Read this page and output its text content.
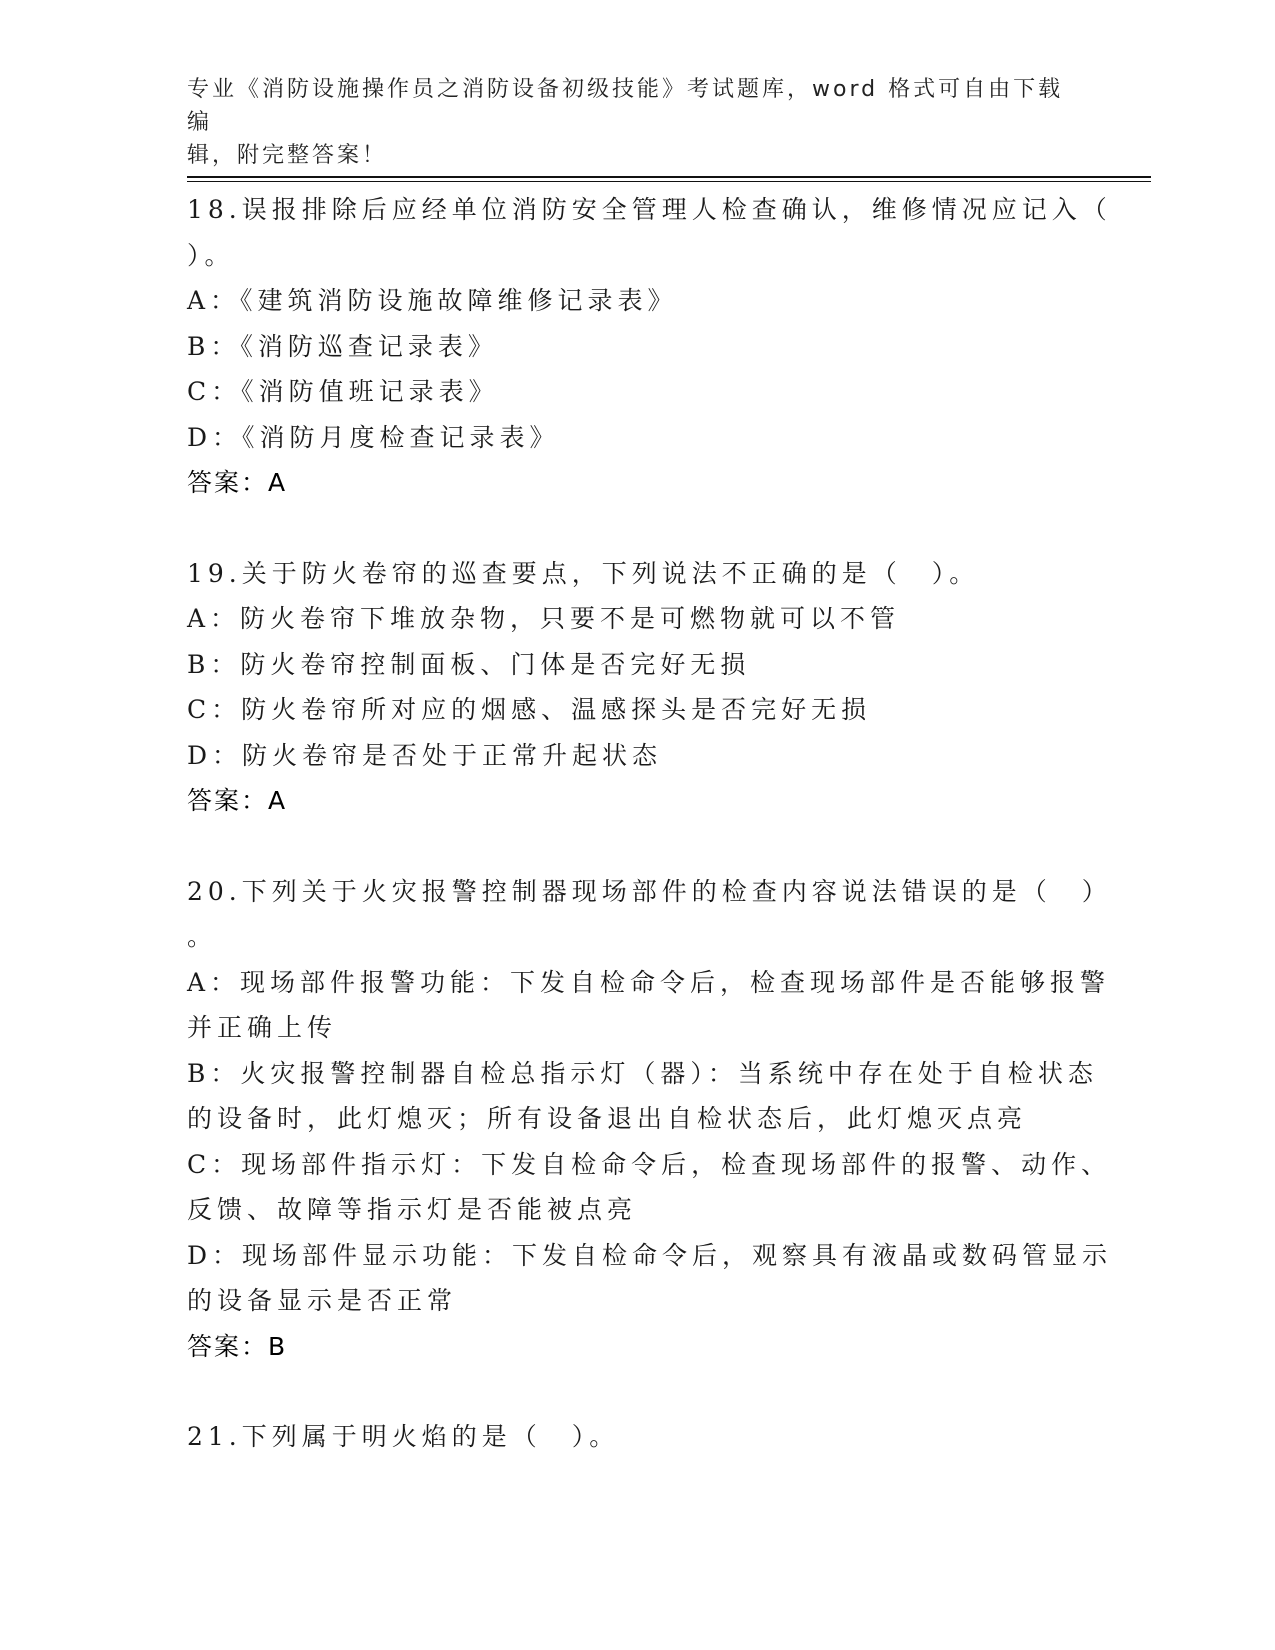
专业《消防设施操作员之消防设备初级技能》考试题库，word 格式可自由下载编
辑，附完整答案！
18.误报排除后应经单位消防安全管理人检查确认，维修情况应记入（
）。
A：《建筑消防设施故障维修记录表》
B：《消防巡查记录表》
C：《消防值班记录表》
D：《消防月度检查记录表》
答案：A
19.关于防火卷帘的巡查要点，下列说法不正确的是（　）。
A：防火卷帘下堆放杂物，只要不是可燃物就可以不管
B：防火卷帘控制面板、门体是否完好无损
C：防火卷帘所对应的烟感、温感探头是否完好无损
D：防火卷帘是否处于正常升起状态
答案：A
20.下列关于火灾报警控制器现场部件的检查内容说法错误的是（　）
。
A：现场部件报警功能：下发自检命令后，检查现场部件是否能够报警
并正确上传
B：火灾报警控制器自检总指示灯（器）：当系统中存在处于自检状态
的设备时，此灯熄灭；所有设备退出自检状态后，此灯熄灭点亮
C：现场部件指示灯：下发自检命令后，检查现场部件的报警、动作、
反馈、故障等指示灯是否能被点亮
D：现场部件显示功能：下发自检命令后，观察具有液晶或数码管显示
的设备显示是否正常
答案：B
21.下列属于明火焰的是（　）。
